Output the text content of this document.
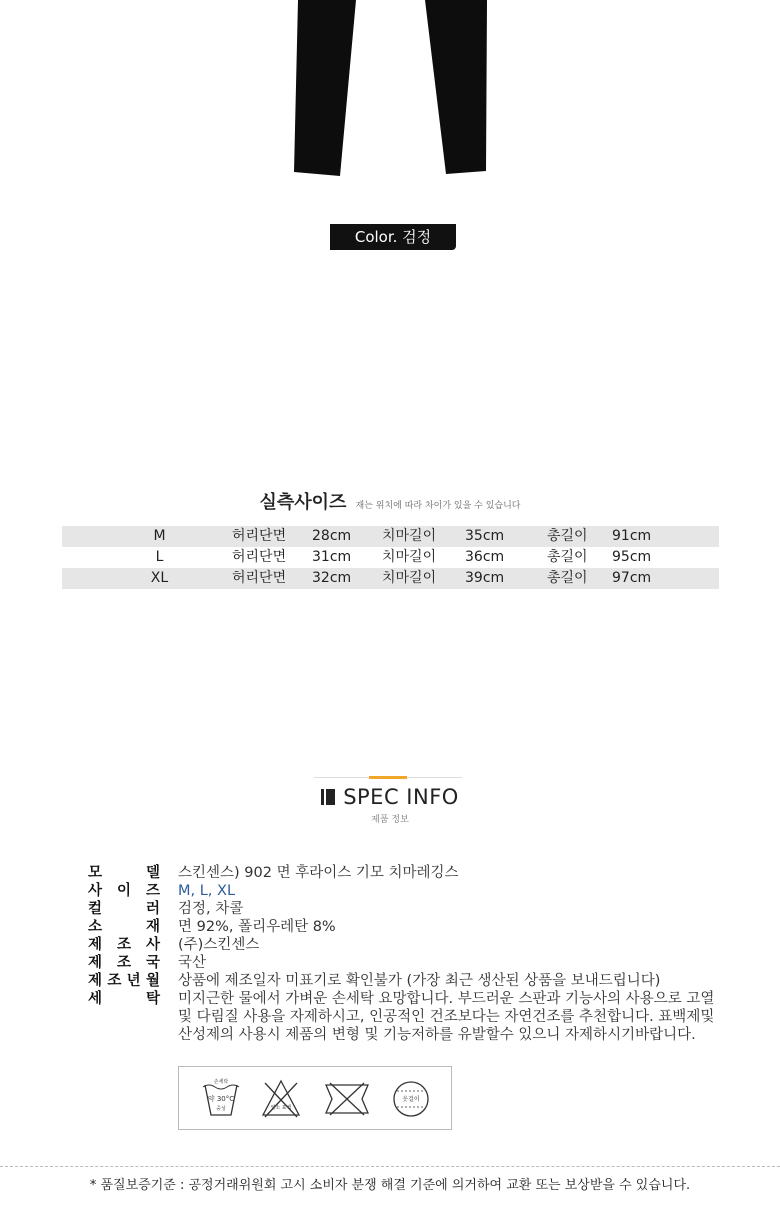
Color. 검정
실측사이즈 재는 위치에 따라 차이가 있을 수 있습니다
M	허리단면 28cm 치마길이 35cm	총길이 91cm
L	허리단면 31cm 치마길이 36cm	총길이 95cm
XL	허리단면 32cm 치마길이 39cm	총길이 97cm
SPEC INFO
제품 정보
모	델 스킨센스) 902 면 후라이스 기모 치마레깅스
사 이 즈 M, L, XL
컬	러 검정, 차콜
소	재 면 92%, 폴리우레탄 8%
제 조 사 (주)스킨센스
제 조 국 국산
제 조 년 월 상품에 제조일자 미표기로 확인불가 (가장 최근 생산된 상품을 보내드립니다)
세	탁 미지근한 물에서 가벼운 손세탁 요망합니다. 부드러운 스판과 기능사의 사용으로 고열 및 다림질 사용을 자제하시고, 인공적인 건조보다는 자연건조를 추천합니다. 표백제및 산성제의 사용시 제품의 변형 및 기능저하를 유발할수 있으니 자제하시기바랍니다.
손세탁
약 30°C
중성	염소 표백
옷걸이
* 품질보증기준 : 공정거래위원회 고시 소비자 분쟁 해결 기준에 의거하여 교환 또는 보상받을 수 있습니다.
